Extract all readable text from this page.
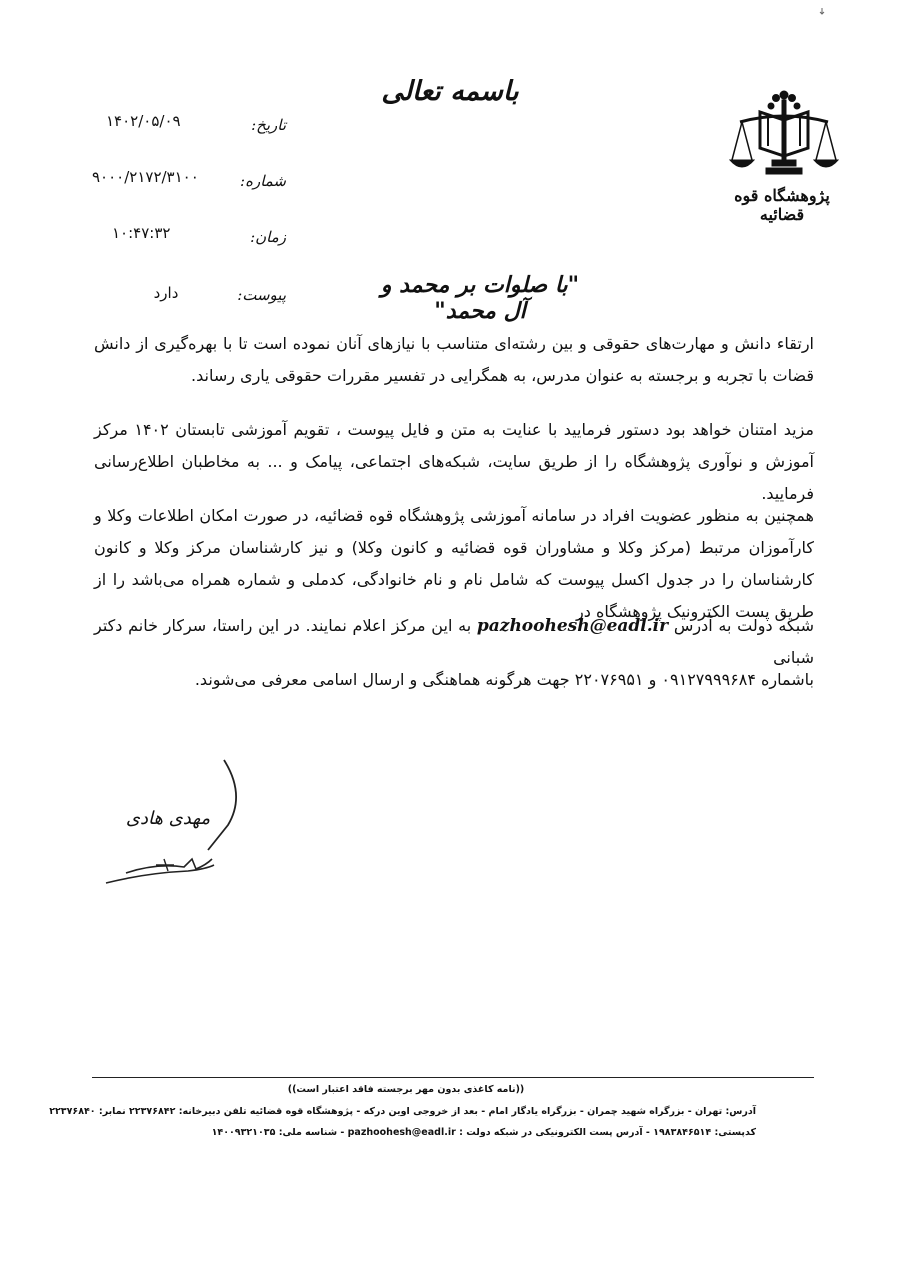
باسمه تعالی
پژوهشگاه قوه قضائیه
تاریخ:
۱۴۰۲/۰۵/۰۹
شماره:
۹۰۰۰/۲۱۷۲/۳۱۰۰
زمان:
۱۰:۴۷:۳۲
پیوست:
دارد	"با صلوات بر محمد و آل محمد"
ارتقاء دانش و مهارت‌های حقوقی و بین رشته‌ای متناسب با نیازهای آنان نموده است تا با بهره‌گیری از دانش قضات با تجربه و برجسته به عنوان مدرس، به همگرایی در تفسیر مقررات حقوقی یاری رساند.
مزید امتنان خواهد بود دستور فرمایید با عنایت به متن و فایل پیوست ، تقویم آموزشی تابستان ۱۴۰۲ مرکز آموزش و نوآوری پژوهشگاه را از طریق سایت، شبکه‌های اجتماعی، پیامک و ... به مخاطبان اطلاع‌رسانی فرمایید.
همچنین به منظور عضویت افراد در سامانه آموزشی پژوهشگاه قوه قضائیه، در صورت امکان اطلاعات وکلا و کارآموزان مرتبط (مرکز وکلا و مشاوران قوه قضائیه و کانون وکلا) و نیز کارشناسان مرکز وکلا و کانون کارشناسان را در جدول اکسل پیوست که شامل نام و نام خانوادگی، کدملی و شماره همراه می‌باشد را از طریق پست الکترونیک پژوهشگاه در
شبکه دولت به آدرس pazhoohesh@eadl.ir به این مرکز اعلام نمایند. در این راستا، سرکار خانم دکتر شبانی
باشماره ۰۹۱۲۷۹۹۹۶۸۴ و ۲۲۰۷۶۹۵۱ جهت هرگونه هماهنگی و ارسال اسامی معرفی می‌شوند.
مهدی هادی
((نامه کاغذی بدون مهر برجسته فاقد اعتبار است))
آدرس: تهران - بزرگراه شهید چمران - بزرگراه یادگار امام - بعد از خروجی اوین درکه - پژوهشگاه قوه قضائیه تلفن دبیرخانه: ۲۲۳۷۶۸۴۲ نمابر: ۲۲۳۷۶۸۴۰
کدپستی: ۱۹۸۳۸۴۶۵۱۴ - آدرس پست الکترونیکی در شبکه دولت : pazhoohesh@eadl.ir - شناسه ملی: ۱۴۰۰۹۳۲۱۰۳۵
